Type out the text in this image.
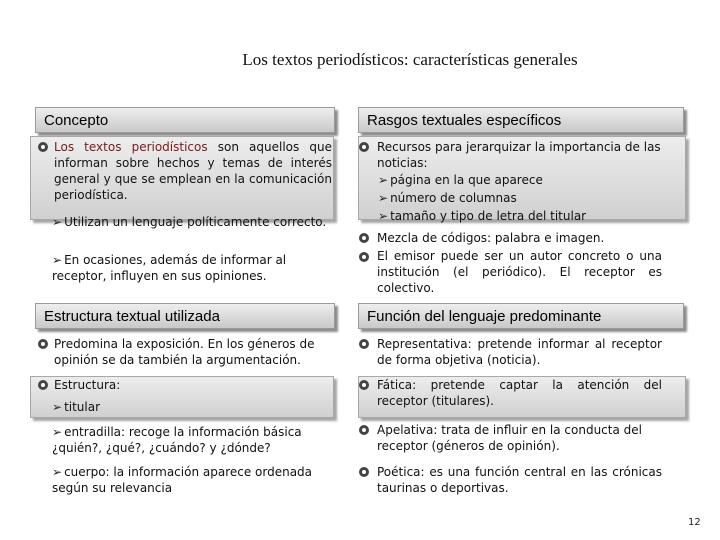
Los textos periodísticos: características generales
Concepto
Los textos periodísticos son aquellos que informan sobre hechos y temas de interés general y que se emplean en la comunicación periodística.
➢ Utilizan un lenguaje políticamente correcto.
➢ En ocasiones, además de informar al receptor, influyen en sus opiniones.
Rasgos textuales específicos
Recursos para jerarquizar la importancia de las noticias:
➢ página en la que aparece
➢ número de columnas
➢ tamaño y tipo de letra del titular
Mezcla de códigos: palabra e imagen.
El emisor puede ser un autor concreto o una institución (el periódico). El receptor es colectivo.
Estructura textual utilizada
Predomina la exposición. En los géneros de opinión se da también la argumentación.
Estructura:
➢ titular
➢ entradilla: recoge la información básica ¿quién?, ¿qué?, ¿cuándo? y ¿dónde?
➢ cuerpo: la información aparece ordenada según su relevancia
Función del lenguaje predominante
Representativa: pretende informar al receptor de forma objetiva (noticia).
Fática: pretende captar la atención del receptor (titulares).
Apelativa: trata de influir en la conducta del receptor (géneros de opinión).
Poética: es una función central en las crónicas taurinas o deportivas.
12
